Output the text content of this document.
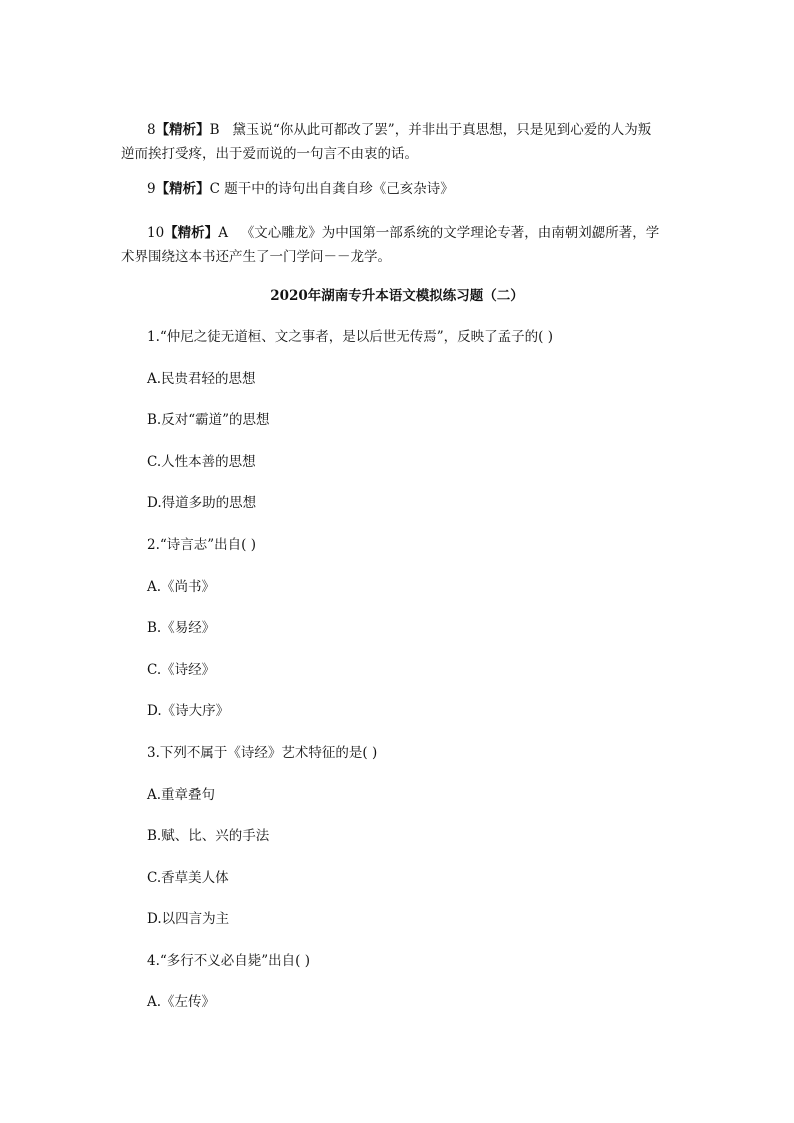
8【精析】B 黛玉说“你从此可都改了罢”，并非出于真思想，只是见到心爱的人为叛
逆而挨打受疼，出于爱而说的一句言不由衷的话。
9【精析】C 题干中的诗句出自龚自珍《己亥杂诗》
10【精析】A 《文心雕龙》为中国第一部系统的文学理论专著，由南朝刘勰所著，学
术界围绕这本书还产生了一门学问－－龙学。
2020年湖南专升本语文模拟练习题（二）
1.“仲尼之徒无道桓、文之事者，是以后世无传焉”，反映了孟子的( )
A.民贵君轻的思想
B.反对“霸道”的思想
C.人性本善的思想
D.得道多助的思想
2.“诗言志”出自( )
A.《尚书》
B.《易经》
C.《诗经》
D.《诗大序》
3.下列不属于《诗经》艺术特征的是( )
A.重章叠句
B.赋、比、兴的手法
C.香草美人体
D.以四言为主
4.“多行不义必自毙”出自( )
A.《左传》
